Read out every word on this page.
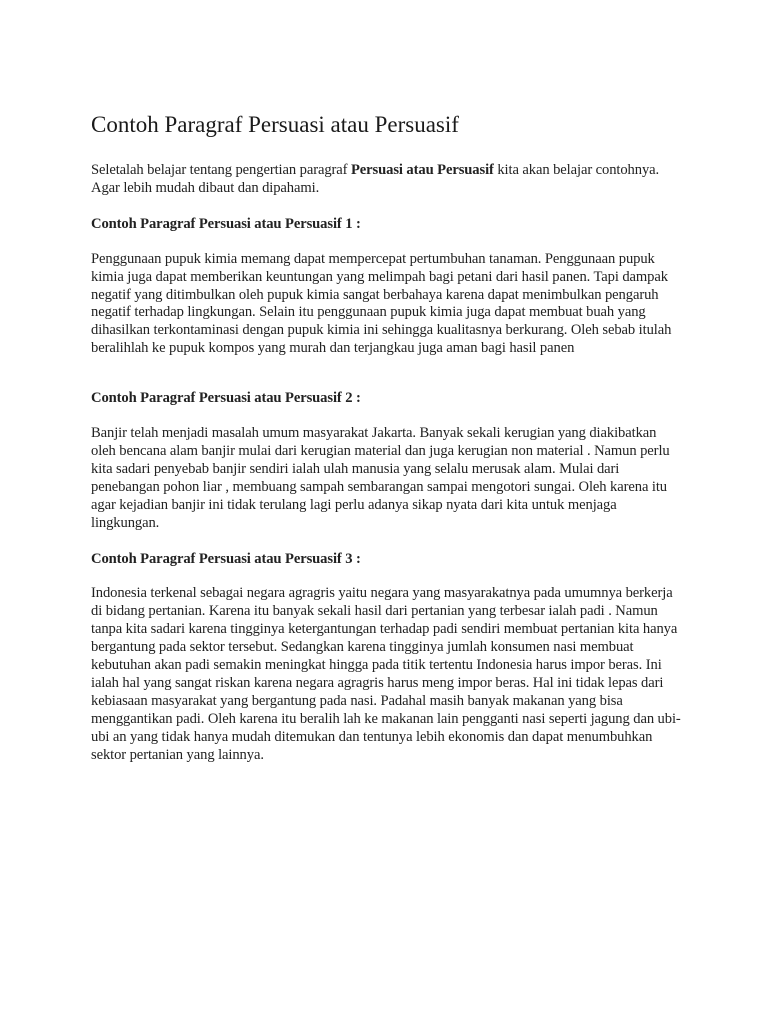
Contoh Paragraf Persuasi atau Persuasif

Seletalah belajar tentang pengertian paragraf Persuasi atau Persuasif kita akan belajar contohnya. Agar lebih mudah dibaut dan dipahami.

Contoh Paragraf Persuasi atau Persuasif 1 :

Penggunaan pupuk kimia memang dapat mempercepat pertumbuhan tanaman. Penggunaan pupuk kimia juga dapat memberikan keuntungan yang melimpah bagi petani dari hasil panen. Tapi dampak negatif yang ditimbulkan oleh pupuk kimia sangat berbahaya karena dapat menimbulkan pengaruh negatif terhadap lingkungan. Selain itu penggunaan pupuk kimia juga dapat membuat buah yang dihasilkan terkontaminasi dengan pupuk kimia ini sehingga kualitasnya berkurang. Oleh sebab itulah beralihlah ke pupuk kompos yang murah dan terjangkau juga aman bagi hasil panen

Contoh Paragraf Persuasi atau Persuasif 2 :

Banjir telah menjadi masalah umum masyarakat Jakarta. Banyak sekali kerugian yang diakibatkan oleh bencana alam banjir mulai dari kerugian material dan juga kerugian non material . Namun perlu kita sadari penyebab banjir sendiri ialah ulah manusia yang selalu merusak alam. Mulai dari penebangan pohon liar , membuang sampah sembarangan sampai mengotori sungai. Oleh karena itu agar kejadian banjir ini tidak terulang lagi perlu adanya sikap nyata dari kita untuk menjaga lingkungan.

Contoh Paragraf Persuasi atau Persuasif 3 :

Indonesia terkenal sebagai negara agragris yaitu negara yang masyarakatnya pada umumnya berkerja di bidang pertanian. Karena itu banyak sekali hasil dari pertanian yang terbesar ialah padi . Namun tanpa kita sadari karena tingginya ketergantungan terhadap padi sendiri membuat pertanian kita hanya bergantung pada sektor tersebut. Sedangkan karena tingginya jumlah konsumen nasi membuat kebutuhan akan padi semakin meningkat hingga pada titik tertentu Indonesia harus impor beras. Ini ialah hal yang sangat riskan karena negara agragris harus meng impor beras. Hal ini tidak lepas dari kebiasaan masyarakat yang bergantung pada nasi. Padahal masih banyak makanan yang bisa menggantikan padi. Oleh karena itu beralih lah ke makanan lain pengganti nasi seperti jagung dan ubi-ubi an yang tidak hanya mudah ditemukan dan tentunya lebih ekonomis dan dapat menumbuhkan sektor pertanian yang lainnya.
